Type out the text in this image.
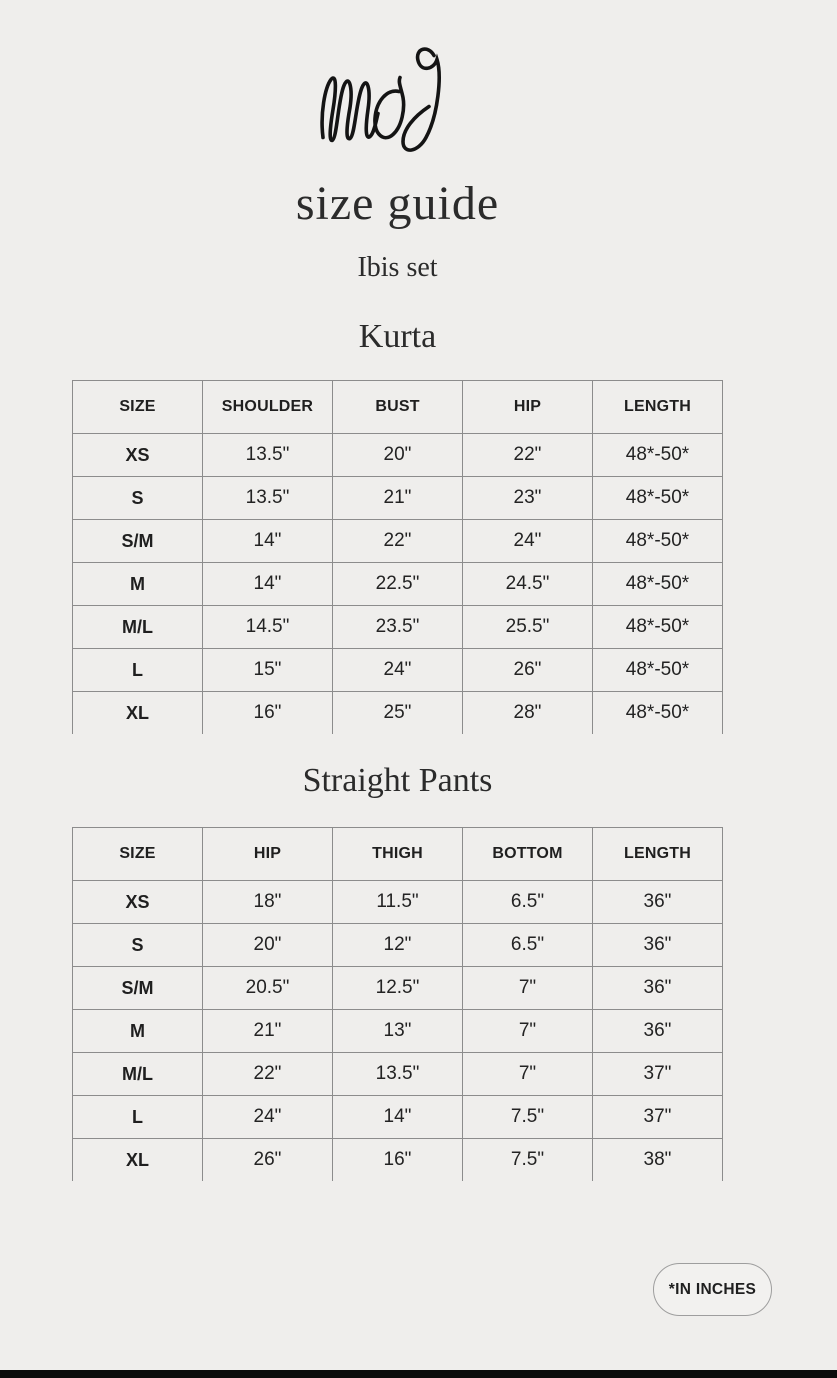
size guide
Ibis set
Kurta
Straight Pants
SIZE	SHOULDER	BUST	HIP	LENGTH
XS	13.5"	20"	22"	48*-50*
S	13.5"	21"	23"	48*-50*
S/M	14"	22"	24"	48*-50*
M	14"	22.5"	24.5"	48*-50*
M/L	14.5"	23.5"	25.5"	48*-50*
L	15"	24"	26"	48*-50*
XL	16"	25"	28"	48*-50*
SIZE	HIP	THIGH	BOTTOM	LENGTH
XS	18"	11.5"	6.5"	36"
S	20"	12"	6.5"	36"
S/M	20.5"	12.5"	7"	36"
M	21"	13"	7"	36"
M/L	22"	13.5"	7"	37"
L	24"	14"	7.5"	37"
XL	26"	16"	7.5"	38"
*IN INCHES
